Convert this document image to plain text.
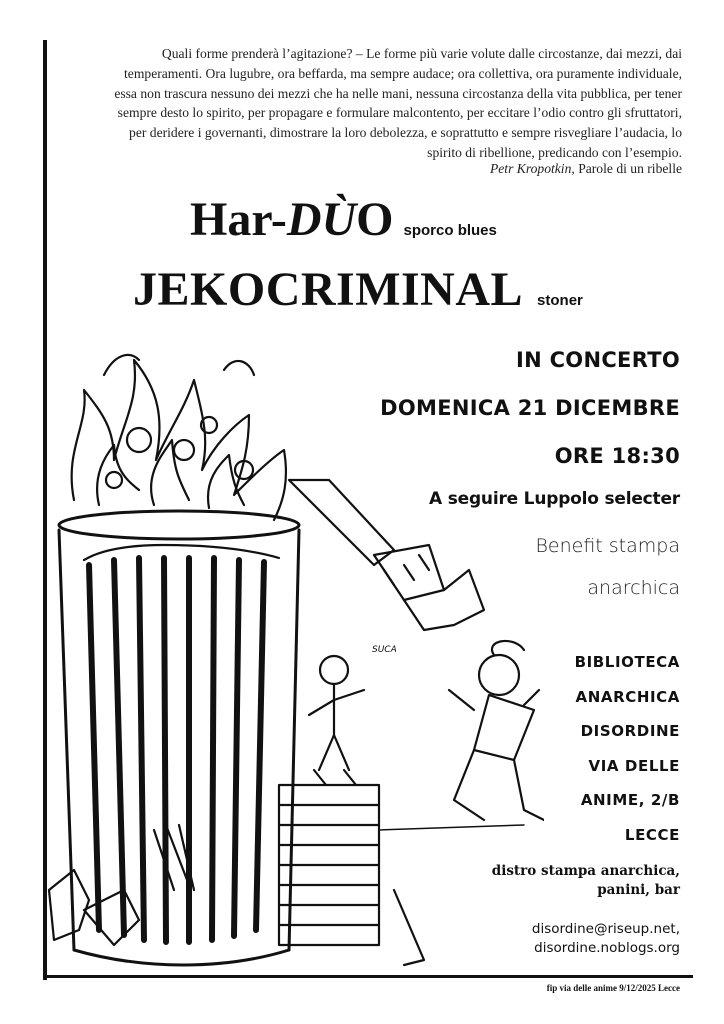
Quali forme prenderà l’agitazione? – Le forme più varie volute dalle circostanze, dai mezzi, dai
temperamenti. Ora lugubre, ora beffarda, ma sempre audace; ora collettiva, ora puramente individuale,
essa non trascura nessuno dei mezzi che ha nelle mani, nessuna circostanza della vita pubblica, per tener
sempre desto lo spirito, per propagare e formulare malcontento, per eccitare l’odio contro gli sfruttatori,
per deridere i governanti, dimostrare la loro debolezza, e soprattutto e sempre risvegliare l’audacia, lo
spirito di ribellione, predicando con l’esempio.
Petr Kropotkin, Parole di un ribelle
Har-DÙO sporco blues
JEKOCRIMINAL stoner
SUCA
IN CONCERTO
DOMENICA 21 DICEMBRE
ORE 18:30
A seguire Luppolo selecter
Benefit stampa
anarchica
BIBLIOTECA
ANARCHICA
DISORDINE
VIA DELLE
ANIME, 2/B
LECCE
distro stampa anarchica,
panini, bar
disordine@riseup.net,
disordine.noblogs.org
fip via delle anime 9/12/2025 Lecce
